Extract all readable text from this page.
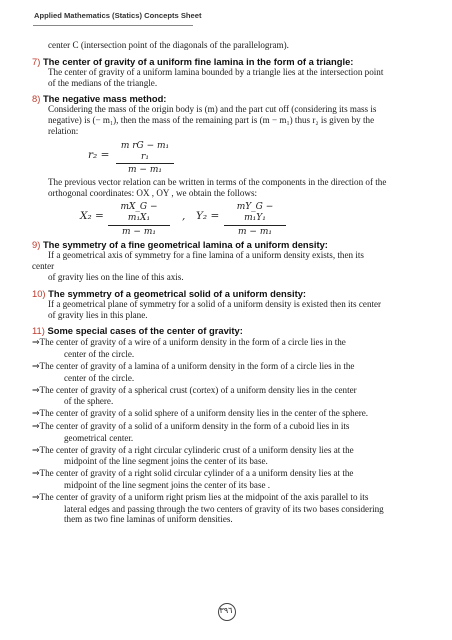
Applied Mathematics (Statics) Concepts Sheet

center C (intersection point of the diagonals of the parallelogram).

7) The center of gravity of a uniform fine lamina in the form of a triangle:

The center of gravity of a uniform lamina bounded by a triangle lies at the intersection point

of the medians of the triangle.

8) The negative mass method:

Considering the mass of the origin body is (m) and the part cut off (considering its mass is

negative) is (− m₁), then the mass of the remaining part is (m − m₁) thus r₂ is given by the

relation:

r₂ =
m rG − m₁ r₁
m − m₁

The previous vector relation can be written in terms of the components in the direction of the

orthogonal coordinates: OX , OY , we obtain the follows:

X₂ =
mX_G − m₁X₁
m − m₁
, Y₂ =
mY_G − m₁Y₁
m − m₁
9) The symmetry of a fine geometrical lamina of a uniform density:

If a geometrical axis of symmetry for a fine lamina of a uniform density exists, then its

center

of gravity lies on the line of this axis.

10) The symmetry of a geometrical solid of a uniform density:

If a geometrical plane of symmetry for a solid of a uniform density is existed then its center

of gravity lies in this plane.

11) Some special cases of the center of gravity:
⇒The center of gravity of a wire of a uniform density in the form of a circle lies in the
center of the circle.
⇒The center of gravity of a lamina of a uniform density in the form of a circle lies in the
center of the circle.
⇒The center of gravity of a spherical crust (cortex) of a uniform density lies in the center
of the sphere.
⇒The center of gravity of a solid sphere of a uniform density lies in the center of the sphere.
⇒The center of gravity of a solid of a uniform density in the form of a cuboid lies in its
geometrical center.
⇒The center of gravity of a right circular cylinderic crust of a uniform density lies at the
midpoint of the line segment joins the center of its base.
⇒The center of gravity of a right solid circular cylinder of a a uniform density lies at the
midpoint of the line segment joins the center of its base .
⇒The center of gravity of a uniform right prism lies at the midpoint of the axis parallel to its
lateral edges and passing through the two centers of gravity of its two bases considering
them as two fine laminas of uniform densities.
٣٩٦
